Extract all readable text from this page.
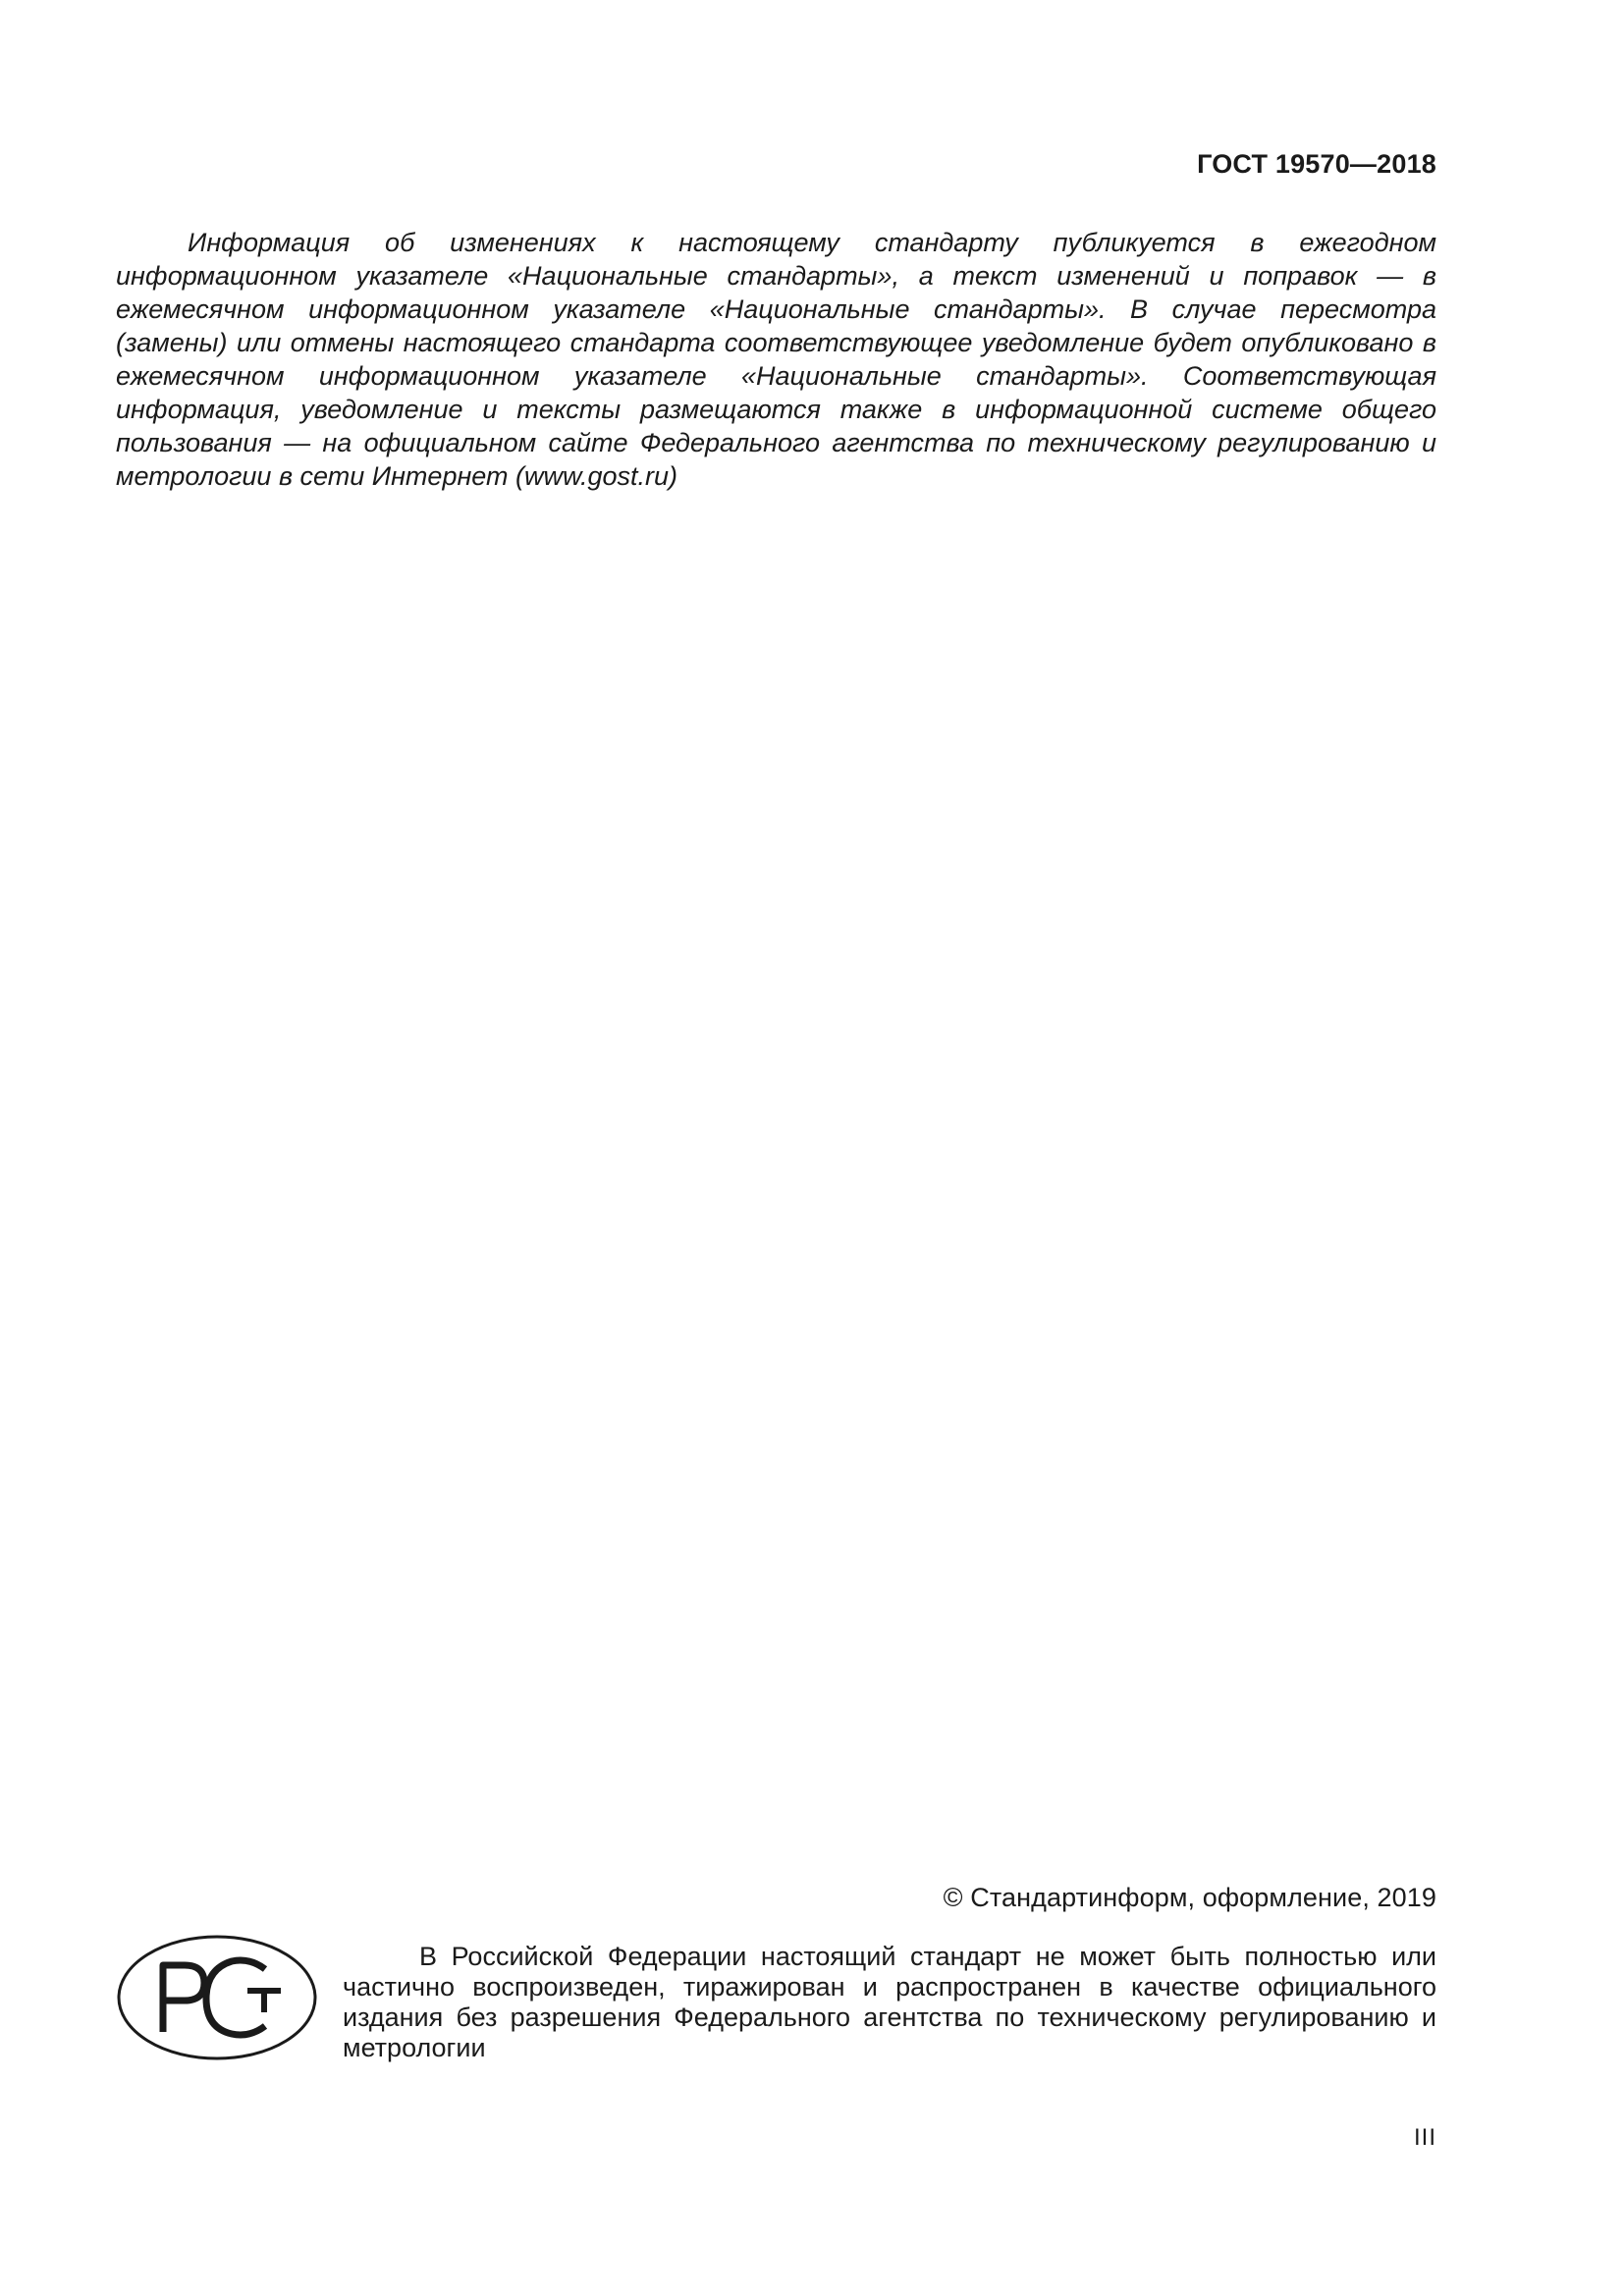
ГОСТ 19570—2018

Информация об изменениях к настоящему стандарту публикуется в ежегодном информационном указателе «Национальные стандарты», а текст изменений и поправок — в ежемесячном информационном указателе «Национальные стандарты». В случае пересмотра (замены) или отмены настоящего стандарта соответствующее уведомление будет опубликовано в ежемесячном информационном указателе «Национальные стандарты». Соответствующая информация, уведомление и тексты размещаются также в информационной системе общего пользования — на официальном сайте Федерального агентства по техническому регулированию и метрологии в сети Интернет (www.gost.ru)

© Стандартинформ, оформление, 2019

В Российской Федерации настоящий стандарт не может быть полностью или частично воспроизведен, тиражирован и распространен в качестве официального издания без разрешения Федерального агентства по техническому регулированию и метрологии

III
